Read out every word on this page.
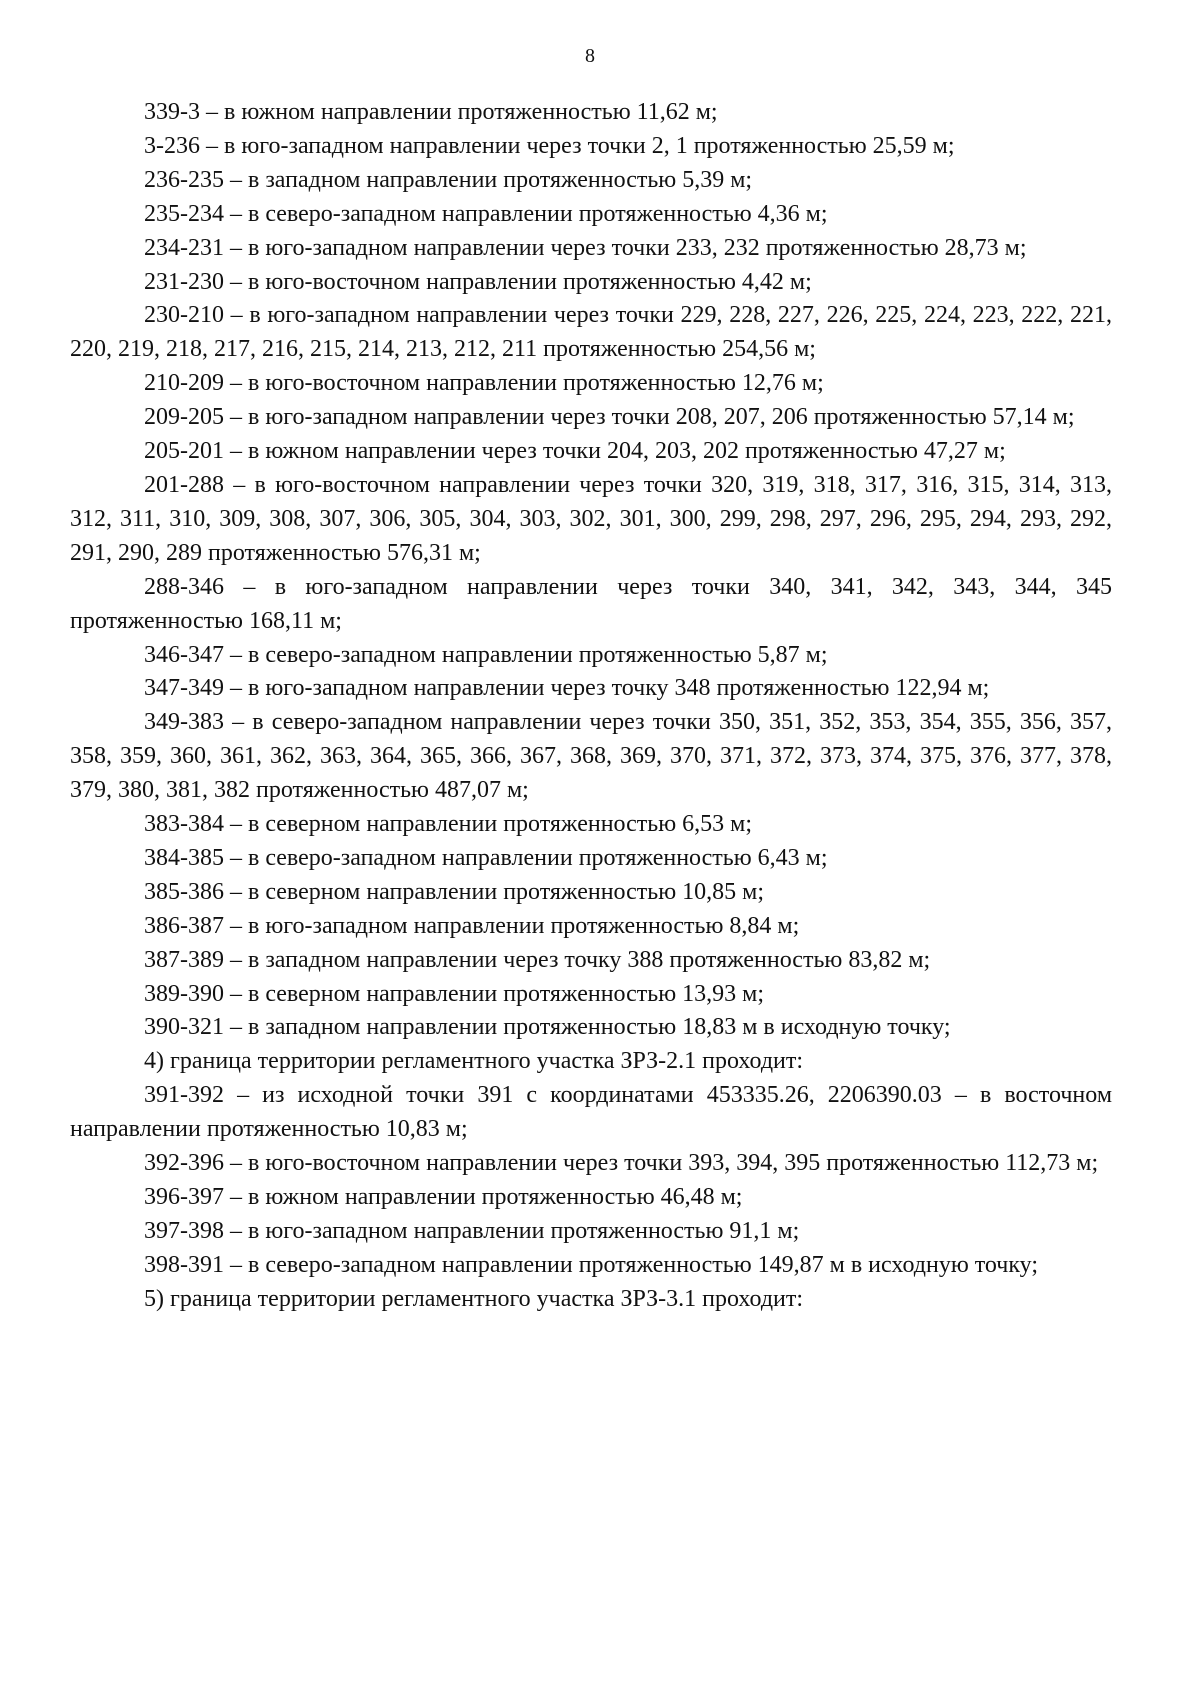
8

339-3 – в южном направлении протяженностью 11,62 м;

3-236 – в юго-западном направлении через точки 2, 1 протяженностью 25,59 м;

236-235 – в западном направлении протяженностью 5,39 м;

235-234 – в северо-западном направлении протяженностью 4,36 м;

234-231 – в юго-западном направлении через точки 233, 232 протяженностью 28,73 м;

231-230 – в юго-восточном направлении протяженностью 4,42 м;

230-210 – в юго-западном направлении через точки 229, 228, 227, 226, 225, 224, 223, 222, 221, 220, 219, 218, 217, 216, 215, 214, 213, 212, 211 протяженностью 254,56 м;

210-209 – в юго-восточном направлении протяженностью 12,76 м;

209-205 – в юго-западном направлении через точки 208, 207, 206 протяженностью 57,14 м;

205-201 – в южном направлении через точки 204, 203, 202 протяженностью 47,27 м;

201-288 – в юго-восточном направлении через точки 320, 319, 318, 317, 316, 315, 314, 313, 312, 311, 310, 309, 308, 307, 306, 305, 304, 303, 302, 301, 300, 299, 298, 297, 296, 295, 294, 293, 292, 291, 290, 289 протяженностью 576,31 м;

288-346 – в юго-западном направлении через точки 340, 341, 342, 343, 344, 345 протяженностью 168,11 м;

346-347 – в северо-западном направлении протяженностью 5,87 м;

347-349 – в юго-западном направлении через точку 348 протяженностью 122,94 м;

349-383 – в северо-западном направлении через точки 350, 351, 352, 353, 354, 355, 356, 357, 358, 359, 360, 361, 362, 363, 364, 365, 366, 367, 368, 369, 370, 371, 372, 373, 374, 375, 376, 377, 378, 379, 380, 381, 382 протяженностью 487,07 м;

383-384 – в северном направлении протяженностью 6,53 м;

384-385 – в северо-западном направлении протяженностью 6,43 м;

385-386 – в северном направлении протяженностью 10,85 м;

386-387 – в юго-западном направлении протяженностью 8,84 м;

387-389 – в западном направлении через точку 388 протяженностью 83,82 м;

389-390 – в северном направлении протяженностью 13,93 м;

390-321 – в западном направлении протяженностью 18,83 м в исходную точку;

4) граница территории регламентного участка ЗРЗ-2.1 проходит:

391-392 – из исходной точки 391 с координатами 453335.26, 2206390.03 – в восточном направлении протяженностью 10,83 м;

392-396 – в юго-восточном направлении через точки 393, 394, 395 протяженностью 112,73 м;

396-397 – в южном направлении протяженностью 46,48 м;

397-398 – в юго-западном направлении протяженностью 91,1 м;

398-391 – в северо-западном направлении протяженностью 149,87 м в исходную точку;

5) граница территории регламентного участка ЗРЗ-3.1 проходит:
